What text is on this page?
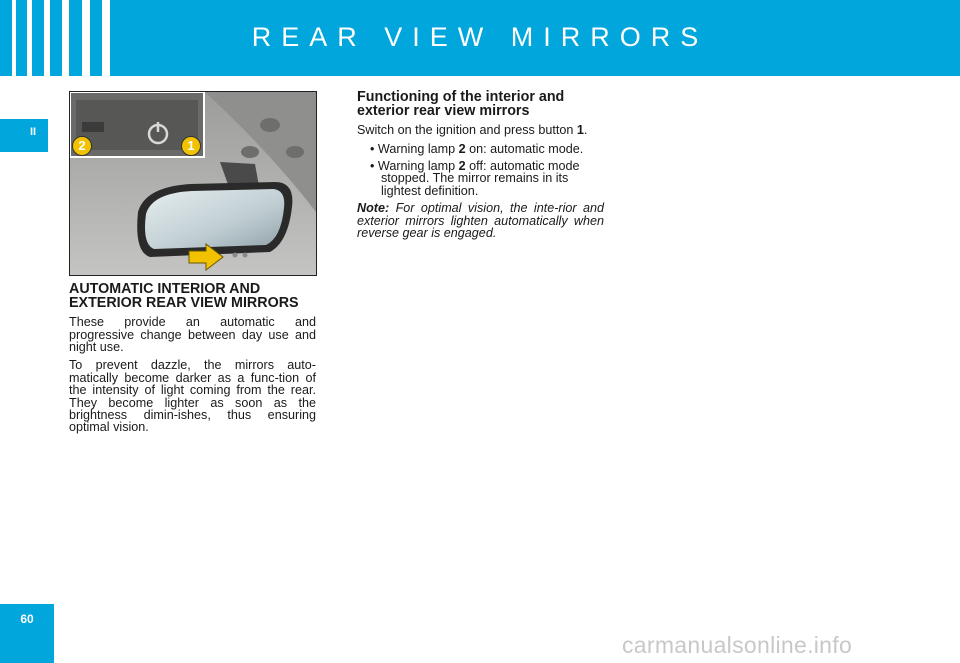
REAR VIEW MIRRORS
II
2	1
AUTOMATIC INTERIOR AND EXTERIOR REAR VIEW MIRRORS

These provide an automatic and progressive change between day use and night use.

To prevent dazzle, the mirrors auto-matically become darker as a func-tion of the intensity of light coming from the rear. They become lighter as soon as the brightness dimin-ishes, thus ensuring optimal vision.

Functioning of the interior and exterior rear view mirrors

Switch on the ignition and press button 1.

• Warning lamp 2 on: automatic mode.

• Warning lamp 2 off: automatic mode stopped. The mirror remains in its lightest definition.

Note: For optimal vision, the inte-rior and exterior mirrors lighten automatically when reverse gear is engaged.

60
carmanualsonline.info
